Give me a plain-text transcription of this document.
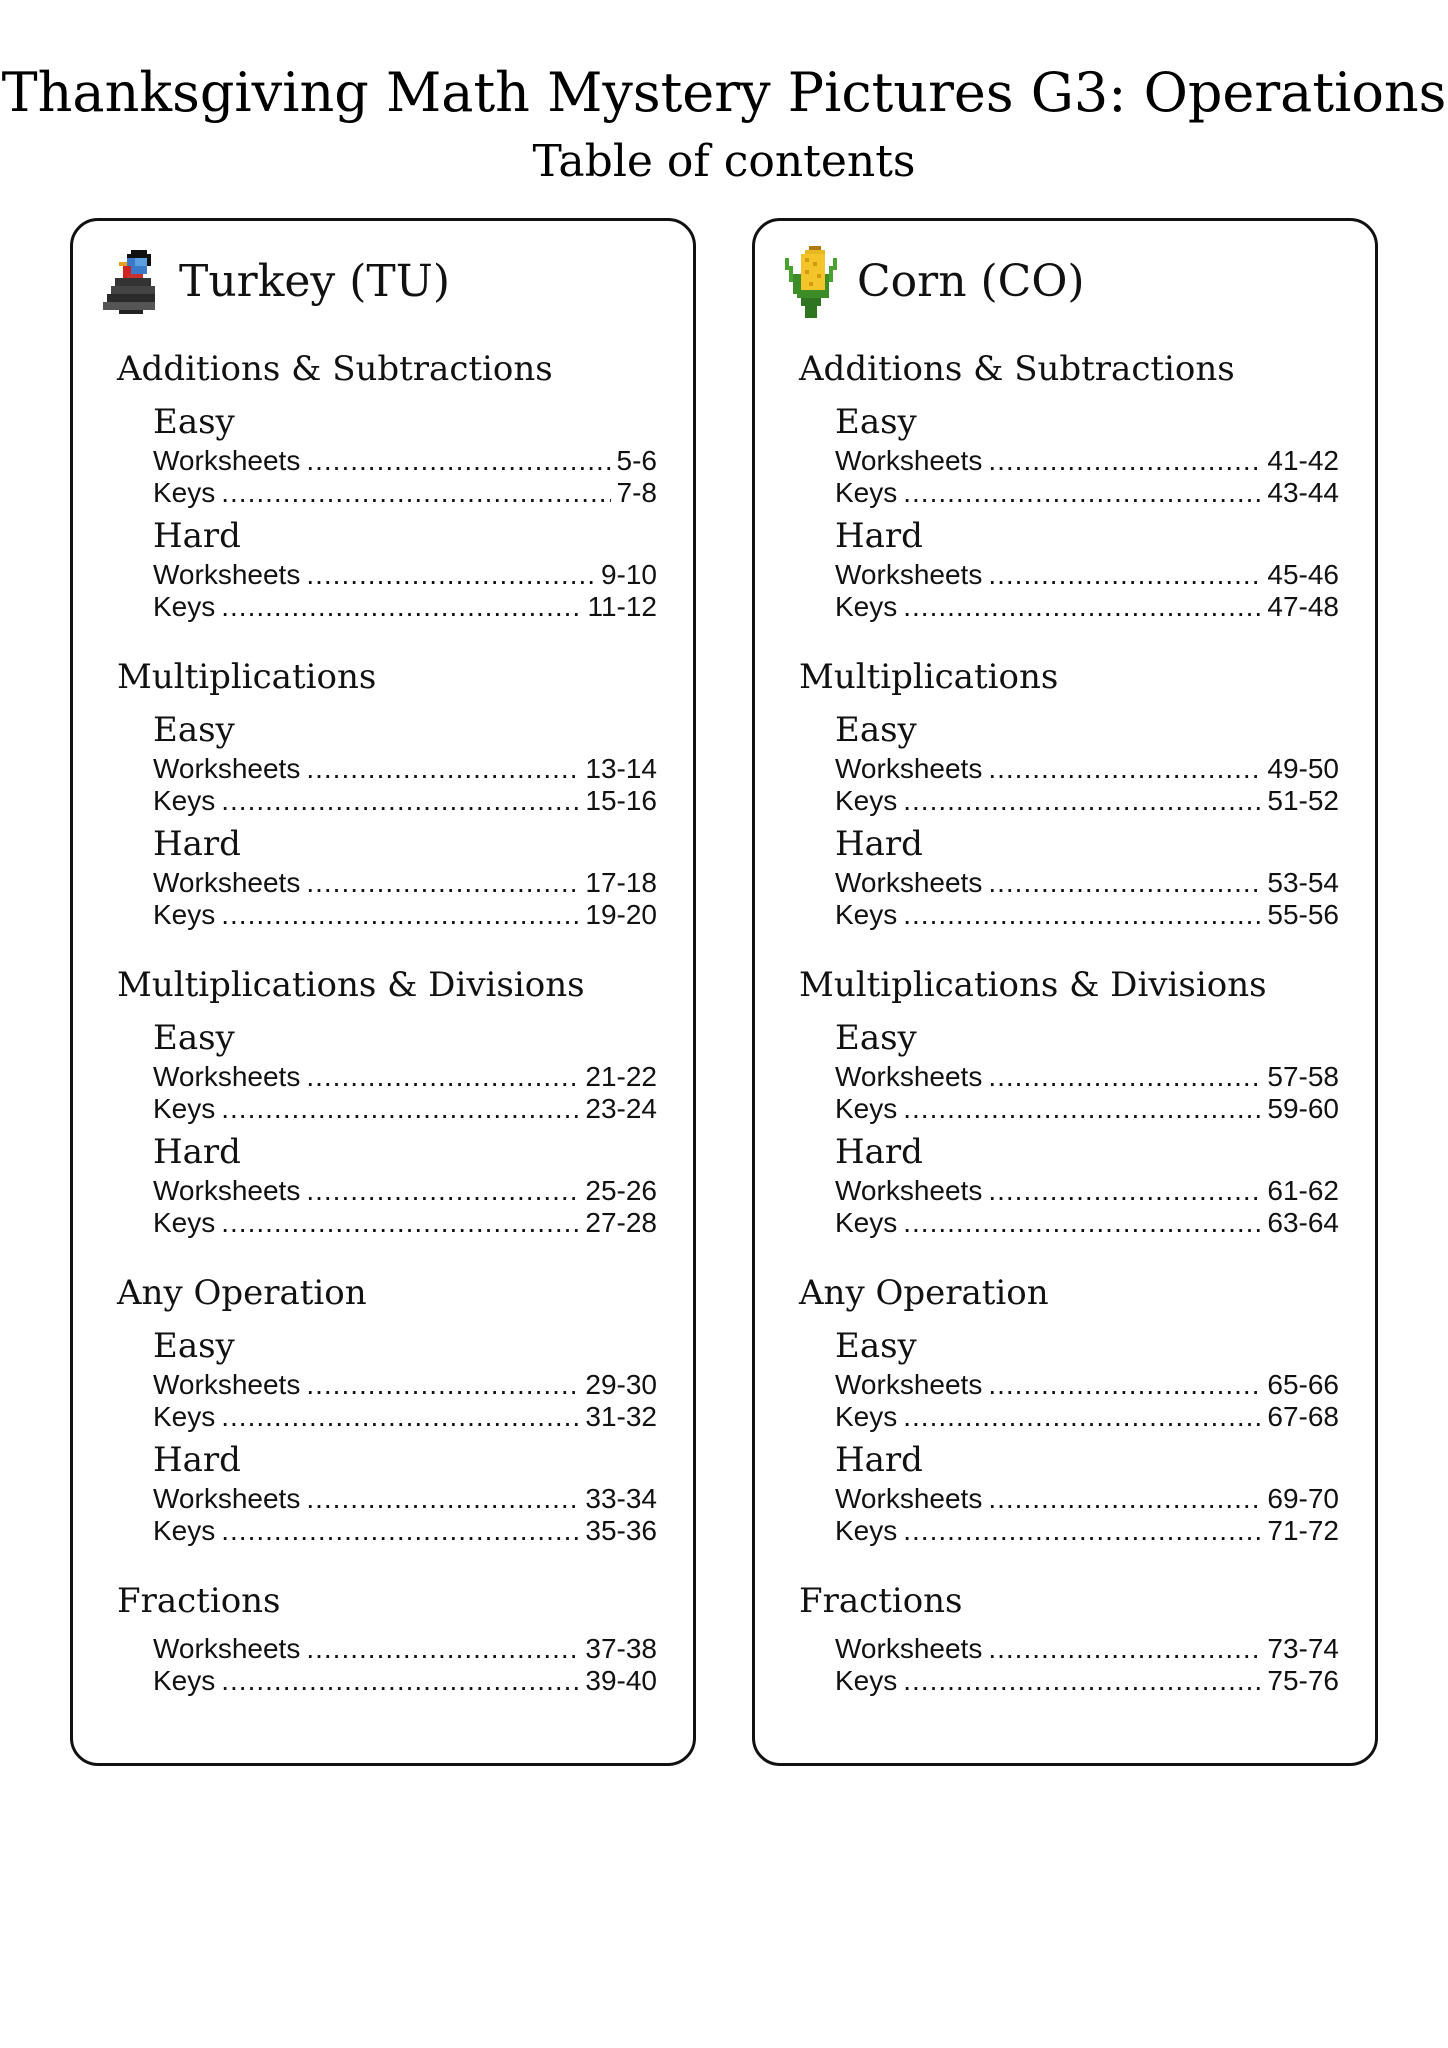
Thanksgiving Math Mystery Pictures G3: Operations
Table of contents
Turkey (TU)
Additions & Subtractions
Easy
Worksheets .....	5-6
Keys .....	7-8
Hard
Worksheets .....	9-10
Keys .....	11-12
Multiplications
Easy
Worksheets .....	13-14
Keys .....	15-16
Hard
Worksheets .....	17-18
Keys .....	19-20
Multiplications & Divisions
Easy
Worksheets .....	21-22
Keys .....	23-24
Hard
Worksheets .....	25-26
Keys .....	27-28
Any Operation
Easy
Worksheets .....	29-30
Keys .....	31-32
Hard
Worksheets .....	33-34
Keys .....	35-36
Fractions
Worksheets .....	37-38
Keys .....	39-40
Corn (CO)
Additions & Subtractions
Easy
Worksheets .....	41-42
Keys .....	43-44
Hard
Worksheets .....	45-46
Keys .....	47-48
Multiplications
Easy
Worksheets .....	49-50
Keys .....	51-52
Hard
Worksheets .....	53-54
Keys .....	55-56
Multiplications & Divisions
Easy
Worksheets .....	57-58
Keys .....	59-60
Hard
Worksheets .....	61-62
Keys .....	63-64
Any Operation
Easy
Worksheets .....	65-66
Keys .....	67-68
Hard
Worksheets .....	69-70
Keys .....	71-72
Fractions
Worksheets .....	73-74
Keys .....	75-76
